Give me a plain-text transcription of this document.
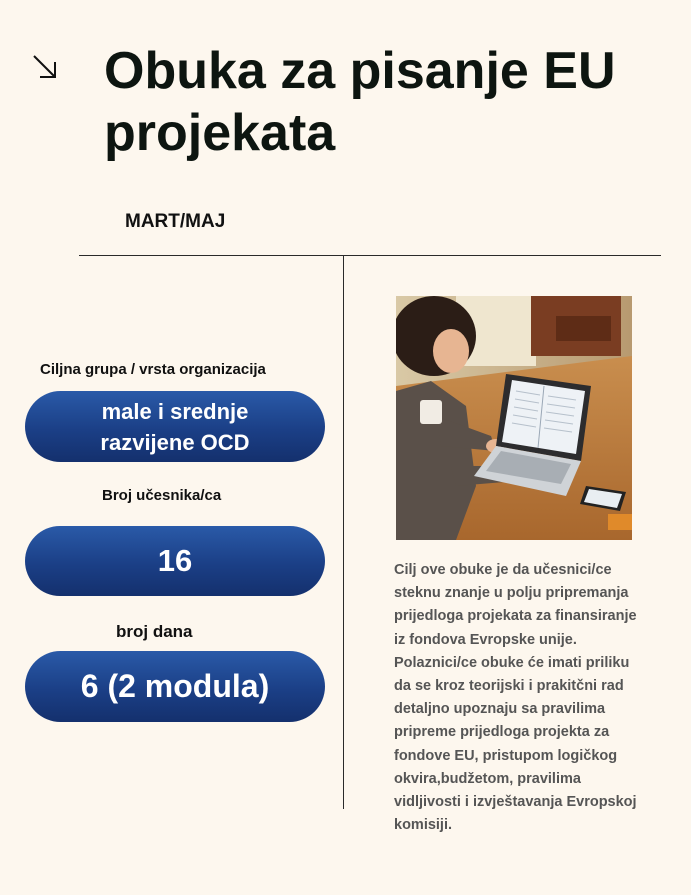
Obuka za pisanje EU projekata
MART/MAJ
Ciljna grupa / vrsta organizacija
male i srednje razvijene OCD
Broj učesnika/ca
16
broj dana
6 (2 modula)

Cilj ove obuke je da učesnici/ce steknu znanje u polju pripremanja prijedloga projekata za finansiranje iz fondova Evropske unije. Polaznici/ce obuke će imati priliku da se kroz teorijski i prakitčni rad detaljno upoznaju sa pravilima pripreme prijedloga projekta za fondove EU, pristupom logičkog okvira,budžetom, pravilima vidljivosti i izvještavanja Evropskoj komisiji.
